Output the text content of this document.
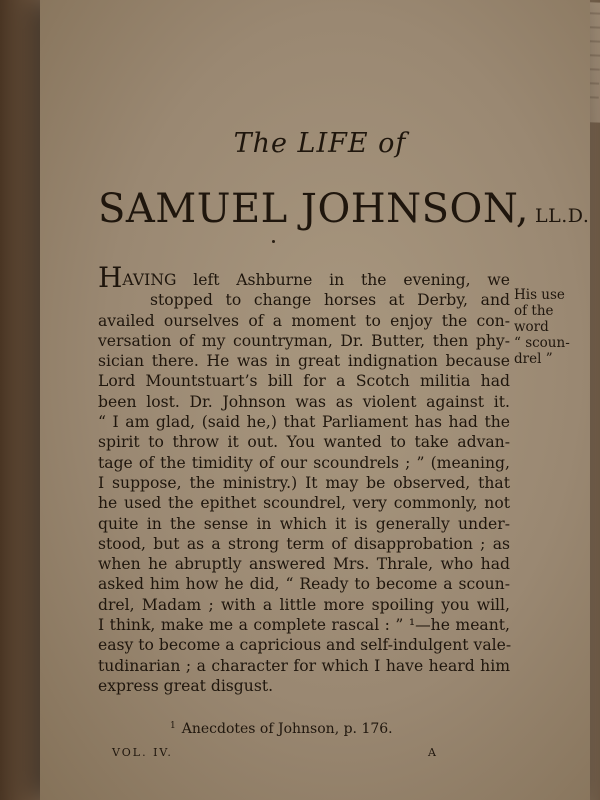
The LIFE of
SAMUEL JOHNSON, LL.D.
HAVING left Ashburne in the evening, we
stopped to change horses at Derby, and
availed ourselves of a moment to enjoy the con-
versation of my countryman, Dr. Butter, then phy-
sician there. He was in great indignation because
Lord Mountstuart’s bill for a Scotch militia had
been lost. Dr. Johnson was as violent against it.
“ I am glad, (said he,) that Parliament has had the
spirit to throw it out. You wanted to take advan-
tage of the timidity of our scoundrels ; ” (meaning,
I suppose, the ministry.) It may be observed, that
he used the epithet scoundrel, very commonly, not
quite in the sense in which it is generally under-
stood, but as a strong term of disapprobation ; as
when he abruptly answered Mrs. Thrale, who had
asked him how he did, “ Ready to become a scoun-
drel, Madam ; with a little more spoiling you will,
I think, make me a complete rascal : ” ¹—he meant,
easy to become a capricious and self-indulgent vale-
tudinarian ; a character for which I have heard him
express great disgust.
His use
of the
word
“ scoun-
drel ”
$^1$ Anecdotes of Johnson, p. 176.
VOL. IV.	A
